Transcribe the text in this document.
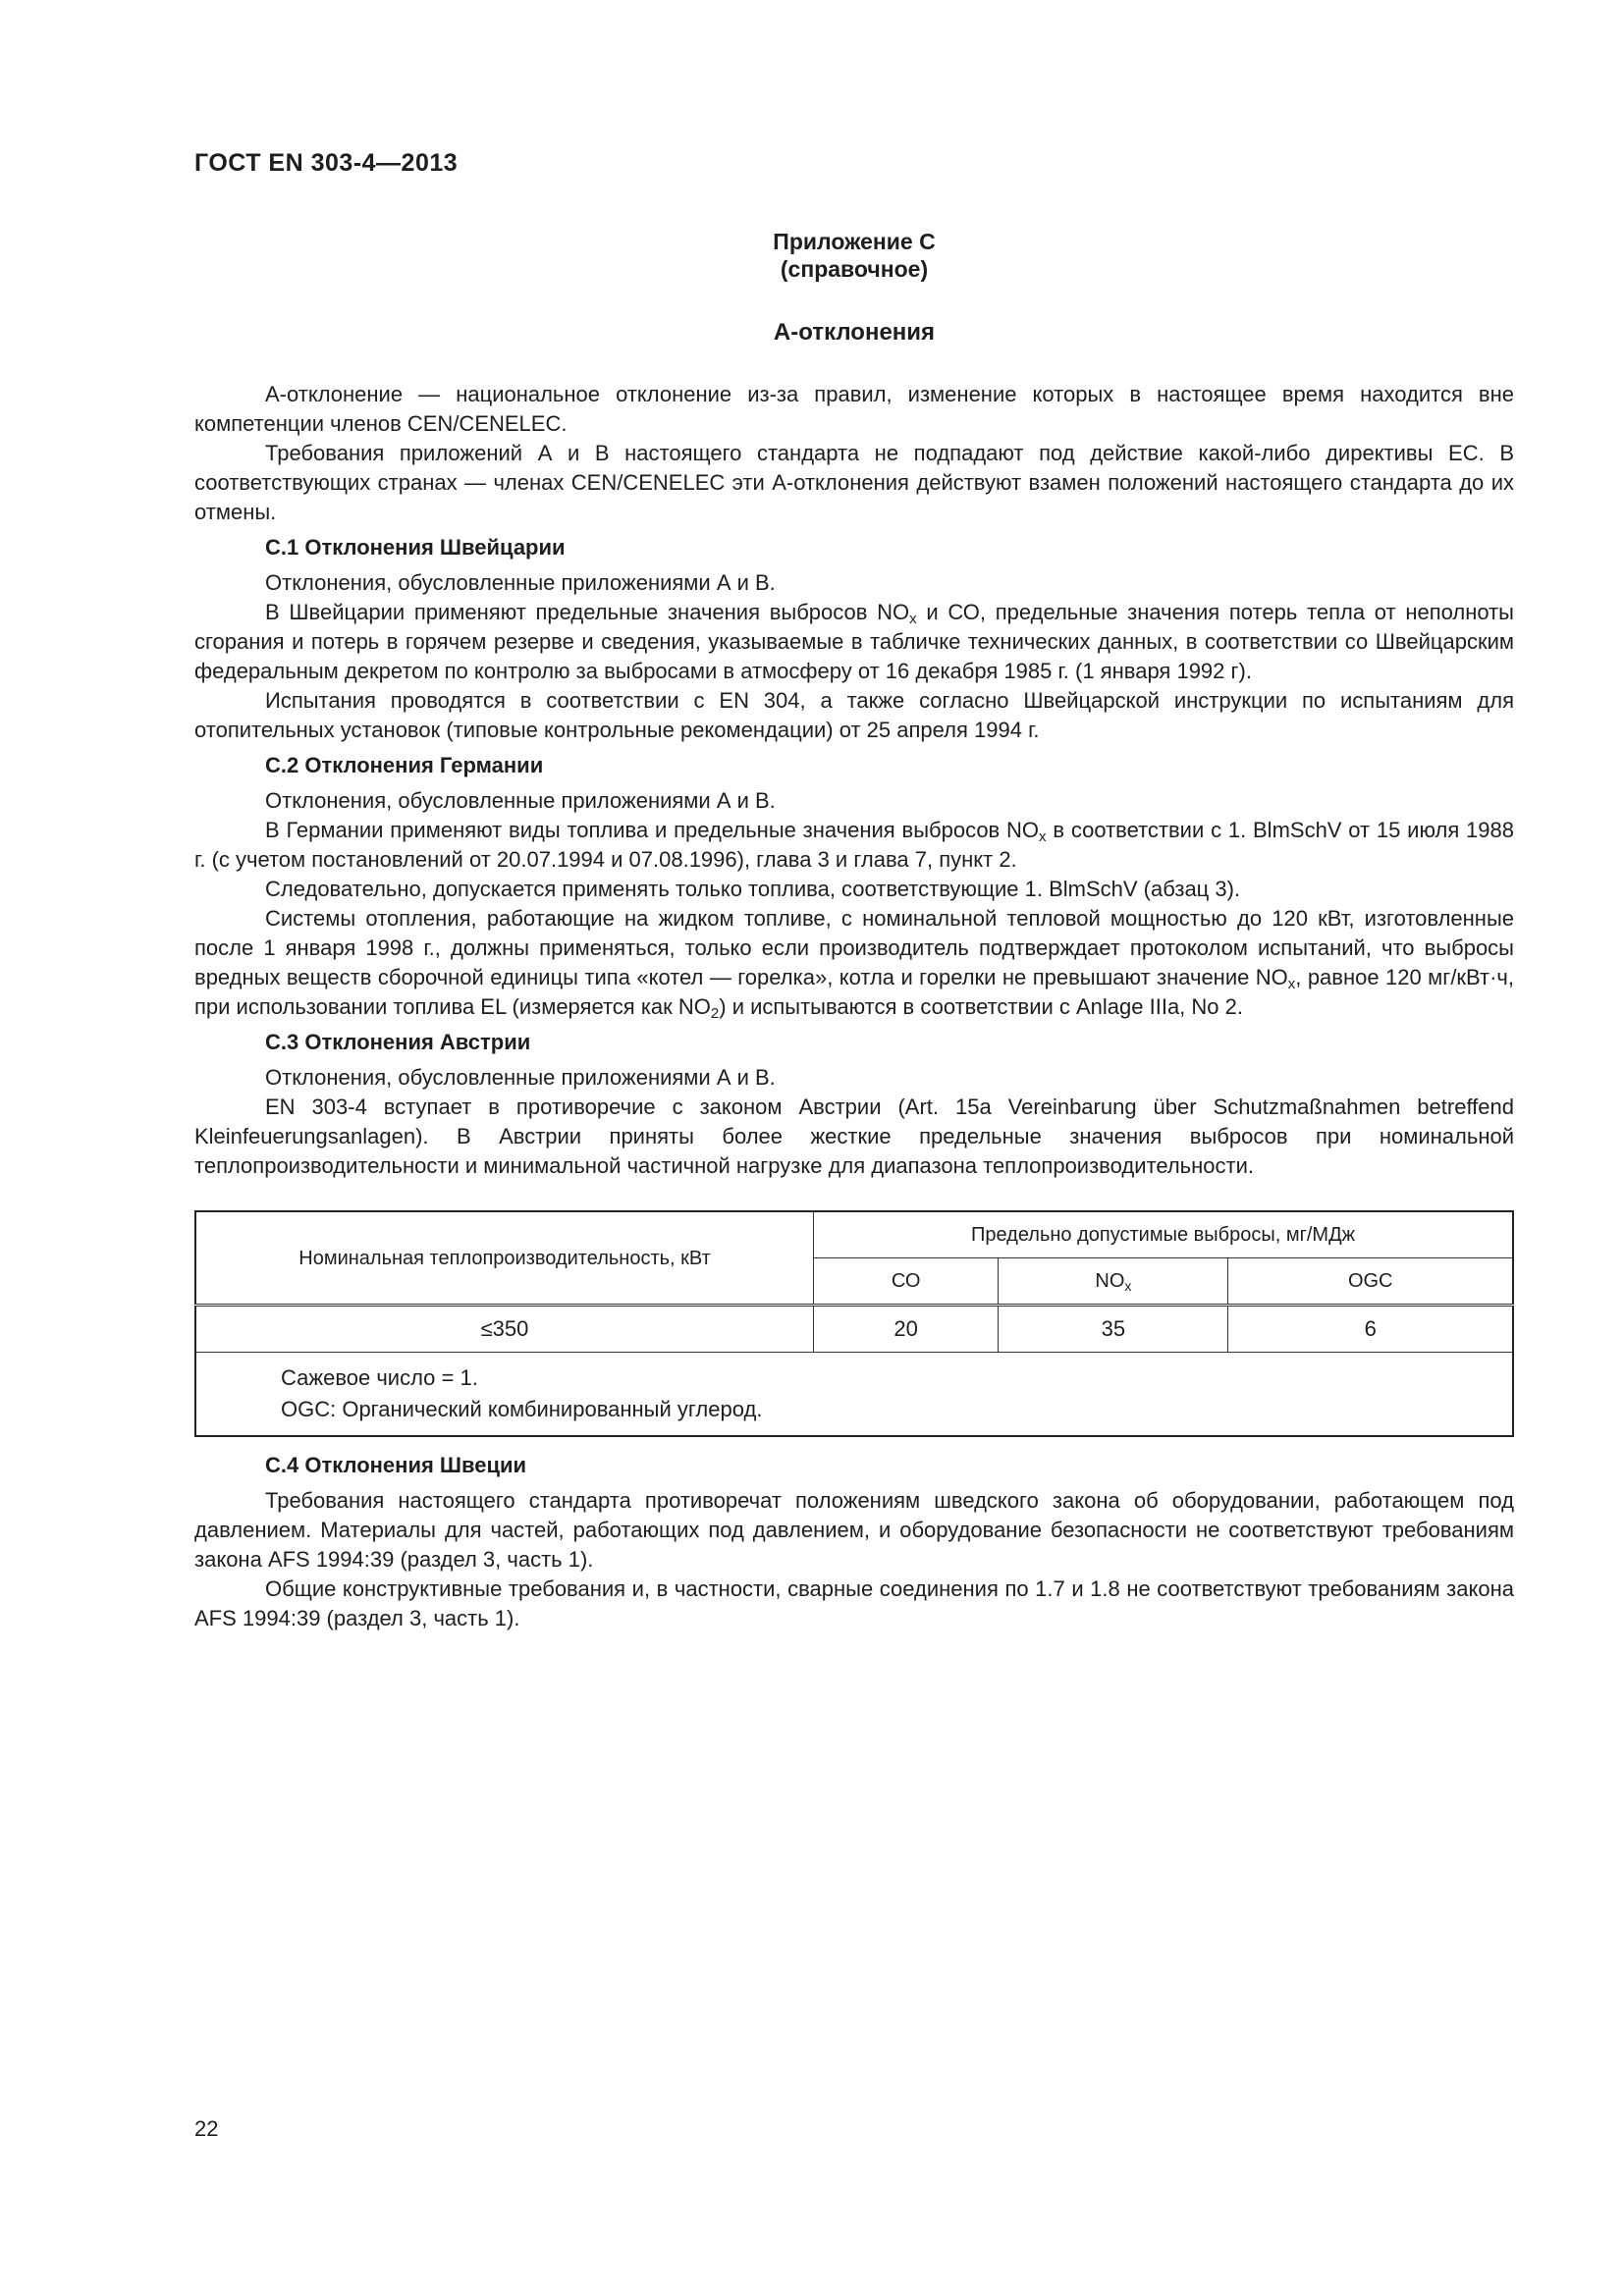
ГОСТ EN 303-4—2013
Приложение С
(справочное)
А-отклонения

А-отклонение — национальное отклонение из-за правил, изменение которых в настоящее время находится вне компетенции членов CEN/CENELEC.

Требования приложений А и В настоящего стандарта не подпадают под действие какой-либо директивы ЕС. В соответствующих странах — членах CEN/CENELEC эти А-отклонения действуют взамен положений настоящего стандарта до их отмены.

С.1 Отклонения Швейцарии

Отклонения, обусловленные приложениями А и В.

В Швейцарии применяют предельные значения выбросов $NO_x$ и СО, предельные значения потерь тепла от неполноты сгорания и потерь в горячем резерве и сведения, указываемые в табличке технических данных, в соответствии со Швейцарским федеральным декретом по контролю за выбросами в атмосферу от 16 декабря 1985 г. (1 января 1992 г).

Испытания проводятся в соответствии с EN 304, а также согласно Швейцарской инструкции по испытаниям для отопительных установок (типовые контрольные рекомендации) от 25 апреля 1994 г.

С.2 Отклонения Германии

Отклонения, обусловленные приложениями А и В.

В Германии применяют виды топлива и предельные значения выбросов $NO_x$ в соответствии с 1. BlmSchV от 15 июля 1988 г. (с учетом постановлений от 20.07.1994 и 07.08.1996), глава 3 и глава 7, пункт 2.

Следовательно, допускается применять только топлива, соответствующие 1. BlmSchV (абзац 3).

Системы отопления, работающие на жидком топливе, с номинальной тепловой мощностью до 120 кВт, изготовленные после 1 января 1998 г., должны применяться, только если производитель подтверждает протоколом испытаний, что выбросы вредных веществ сборочной единицы типа «котел — горелка», котла и горелки не превышают значение $NO_x$, равное 120 мг/кВт·ч, при использовании топлива EL (измеряется как $NO_2$) и испытываются в соответствии с Anlage IIIa, No 2.

С.3 Отклонения Австрии

Отклонения, обусловленные приложениями А и В.

EN 303-4 вступает в противоречие с законом Австрии (Art. 15a Vereinbarung über Schutzmaßnahmen betreffend Kleinfeuerungsanlagen). В Австрии приняты более жесткие предельные значения выбросов при номинальной теплопроизводительности и минимальной частичной нагрузке для диапазона теплопроизводительности.

Номинальная теплопроизводительность, кВт	Предельно допустимые выбросы, мг/МДж		
	СО	$NO_x$	OGC
≤350	20	35	6

Сажевое число = 1.
OGC: Органический комбинированный углерод.			
С.4 Отклонения Швеции

Требования настоящего стандарта противоречат положениям шведского закона об оборудовании, работающем под давлением. Материалы для частей, работающих под давлением, и оборудование безопасности не соответствуют требованиям закона AFS 1994:39 (раздел 3, часть 1).

Общие конструктивные требования и, в частности, сварные соединения по 1.7 и 1.8 не соответствуют требованиям закона AFS 1994:39 (раздел 3, часть 1).

22
